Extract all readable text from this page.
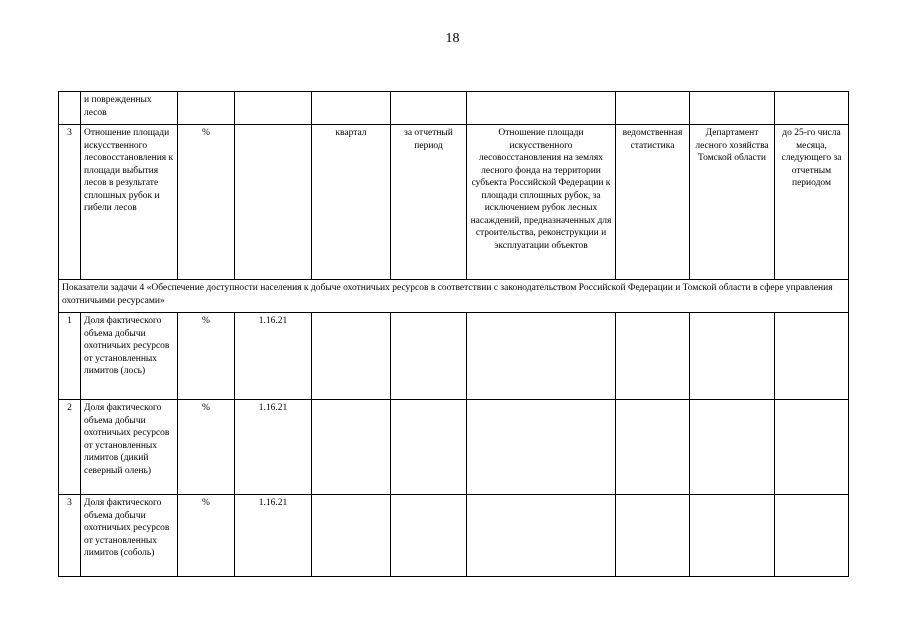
18
	и поврежденных лесов								
3	Отношение площади искусственного лесовосстановления к площади выбытия лесов в результате сплошных рубок и гибели лесов	%		квартал	за отчетный период	Отношение площади искусственного лесовосстановления на землях лесного фонда на территории субъекта Российской Федерации к площади сплошных рубок, за исключением рубок лесных насаждений, предназначенных для строительства, реконструкции и эксплуатации объектов	ведомственная статистика	Департамент лесного хозяйства Томской области	до 25-го числа месяца, следующего за отчетным периодом
Показатели задачи 4 «Обеспечение доступности населения к добыче охотничьих ресурсов в соответствии с законодательством Российской Федерации и Томской области в сфере управления охотничьими ресурсами»									
1	Доля фактического объема добычи охотничьих ресурсов от установленных лимитов (лось)	%	1.16.21						
2	Доля фактического объема добычи охотничьих ресурсов от установленных лимитов (дикий северный олень)	%	1.16.21						
3	Доля фактического объема добычи охотничьих ресурсов от установленных лимитов (соболь)	%	1.16.21						
